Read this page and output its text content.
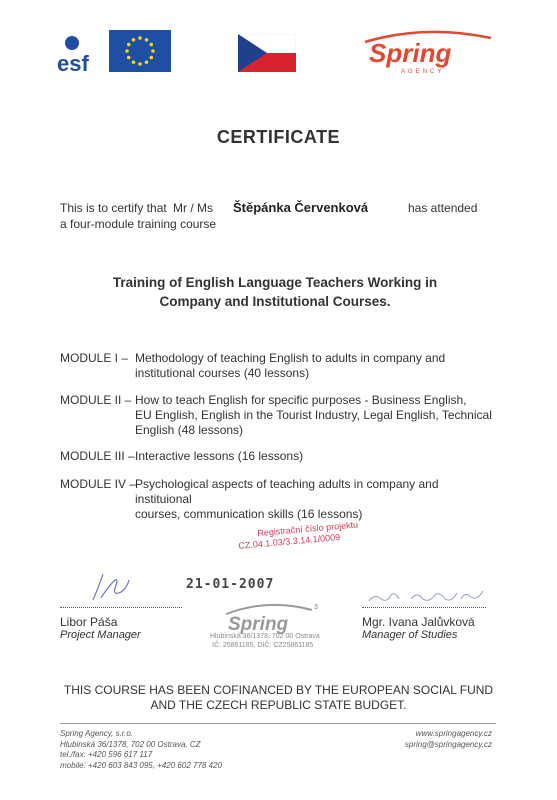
esf	Spring
AGENCY
CERTIFICATE
This is to certify that Mr / Ms Štěpánka Červenková	has attended
a four-module training course
Training of English Language Teachers Working in
Company and Institutional Courses.
MODULE I – Methodology of teaching English to adults in company and
institutional courses (40 lessons)
MODULE II – How to teach English for specific purposes - Business English,
EU English, English in the Tourist Industry, Legal English, Technical
English (48 lessons)
MODULE III – Interactive lessons (16 lessons)
MODULE IV –
Psychological aspects of teaching adults in company and instituional
courses, communication skills (16 lessons)
Registrační číslo projektu
CZ.04.1.03/3.3.14.1/0009
21-01-2007
Spring
3
Hlubinská 36/1378, 702 00 Ostrava
IČ: 25861185, DIČ: CZ25861185
Libor Páša
Project Manager
Mgr. Ivana Jalůvková
Manager of Studies
THIS COURSE HAS BEEN COFINANCED BY THE EUROPEAN SOCIAL FUND
AND THE CZECH REPUBLIC STATE BUDGET.
Spring Agency, s.r.o.
Hlubinská 36/1378, 702 00 Ostrava, CZ
tel./fax: +420 596 617 117
mobile: +420 603 843 095, +420 602 778 420
www.springagency.cz
spring@springagency.cz
